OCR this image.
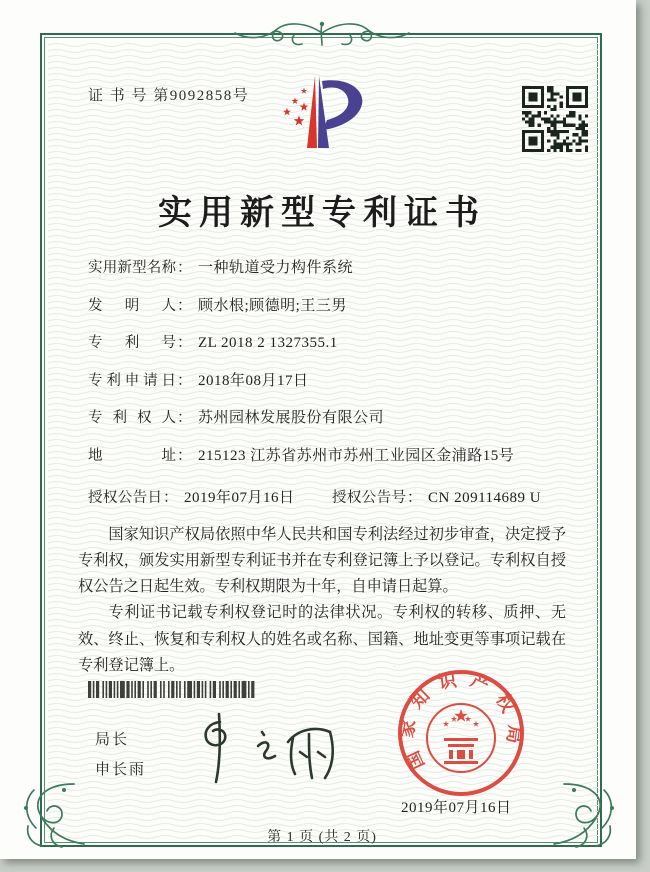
证 书 号 第9092858号
实用新型专利证书
实用新型名称： 一种轨道受力构件系统
发明人： 顾水根;顾德明;王三男
专利号： ZL 2018 2 1327355.1
专利申请日： 2018年08月17日
专利权人： 苏州园林发展股份有限公司
地址： 215123 江苏省苏州市苏州工业园区金浦路15号
授权公告日： 2019年07月16日	授权公告号： CN 209114689 U

国家知识产权局依照中华人民共和国专利法经过初步审查，决定授予专利权，颁发实用新型专利证书并在专利登记簿上予以登记。专利权自授权公告之日起生效。专利权期限为十年，自申请日起算。

专利证书记载专利权登记时的法律状况。专利权的转移、质押、无效、终止、恢复和专利权人的姓名或名称、国籍、地址变更等事项记载在专利登记簿上。

局长
申长雨	国家知识产权局
2019年07月16日
第 1 页 (共 2 页)
